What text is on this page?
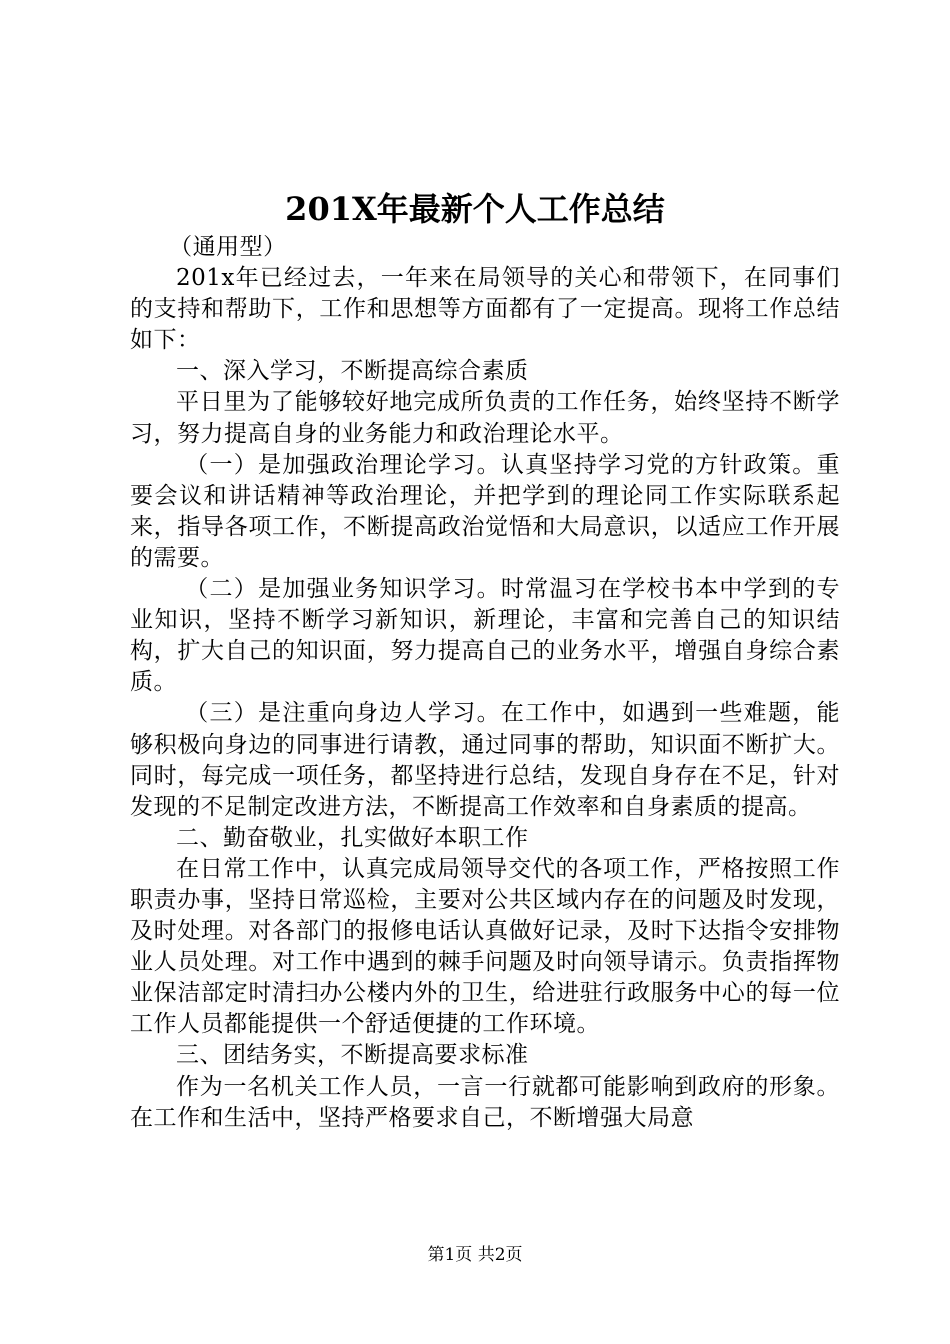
201X年最新个人工作总结

（通用型）

201x年已经过去，一年来在局领导的关心和带领下，在同事们的支持和帮助下，工作和思想等方面都有了一定提高。现将工作总结如下：

一、深入学习，不断提高综合素质

平日里为了能够较好地完成所负责的工作任务，始终坚持不断学习，努力提高自身的业务能力和政治理论水平。

（一）是加强政治理论学习。认真坚持学习党的方针政策。重要会议和讲话精神等政治理论，并把学到的理论同工作实际联系起来，指导各项工作，不断提高政治觉悟和大局意识，以适应工作开展的需要。

（二）是加强业务知识学习。时常温习在学校书本中学到的专业知识，坚持不断学习新知识，新理论，丰富和完善自己的知识结构，扩大自己的知识面，努力提高自己的业务水平，增强自身综合素质。

（三）是注重向身边人学习。在工作中，如遇到一些难题，能够积极向身边的同事进行请教，通过同事的帮助，知识面不断扩大。同时，每完成一项任务，都坚持进行总结，发现自身存在不足，针对发现的不足制定改进方法，不断提高工作效率和自身素质的提高。

二、勤奋敬业，扎实做好本职工作

在日常工作中，认真完成局领导交代的各项工作，严格按照工作职责办事，坚持日常巡检，主要对公共区域内存在的问题及时发现，及时处理。对各部门的报修电话认真做好记录，及时下达指令安排物业人员处理。对工作中遇到的棘手问题及时向领导请示。负责指挥物业保洁部定时清扫办公楼内外的卫生，给进驻行政服务中心的每一位工作人员都能提供一个舒适便捷的工作环境。

三、团结务实，不断提高要求标准

作为一名机关工作人员，一言一行就都可能影响到政府的形象。在工作和生活中，坚持严格要求自己，不断增强大局意

第1页 共2页
